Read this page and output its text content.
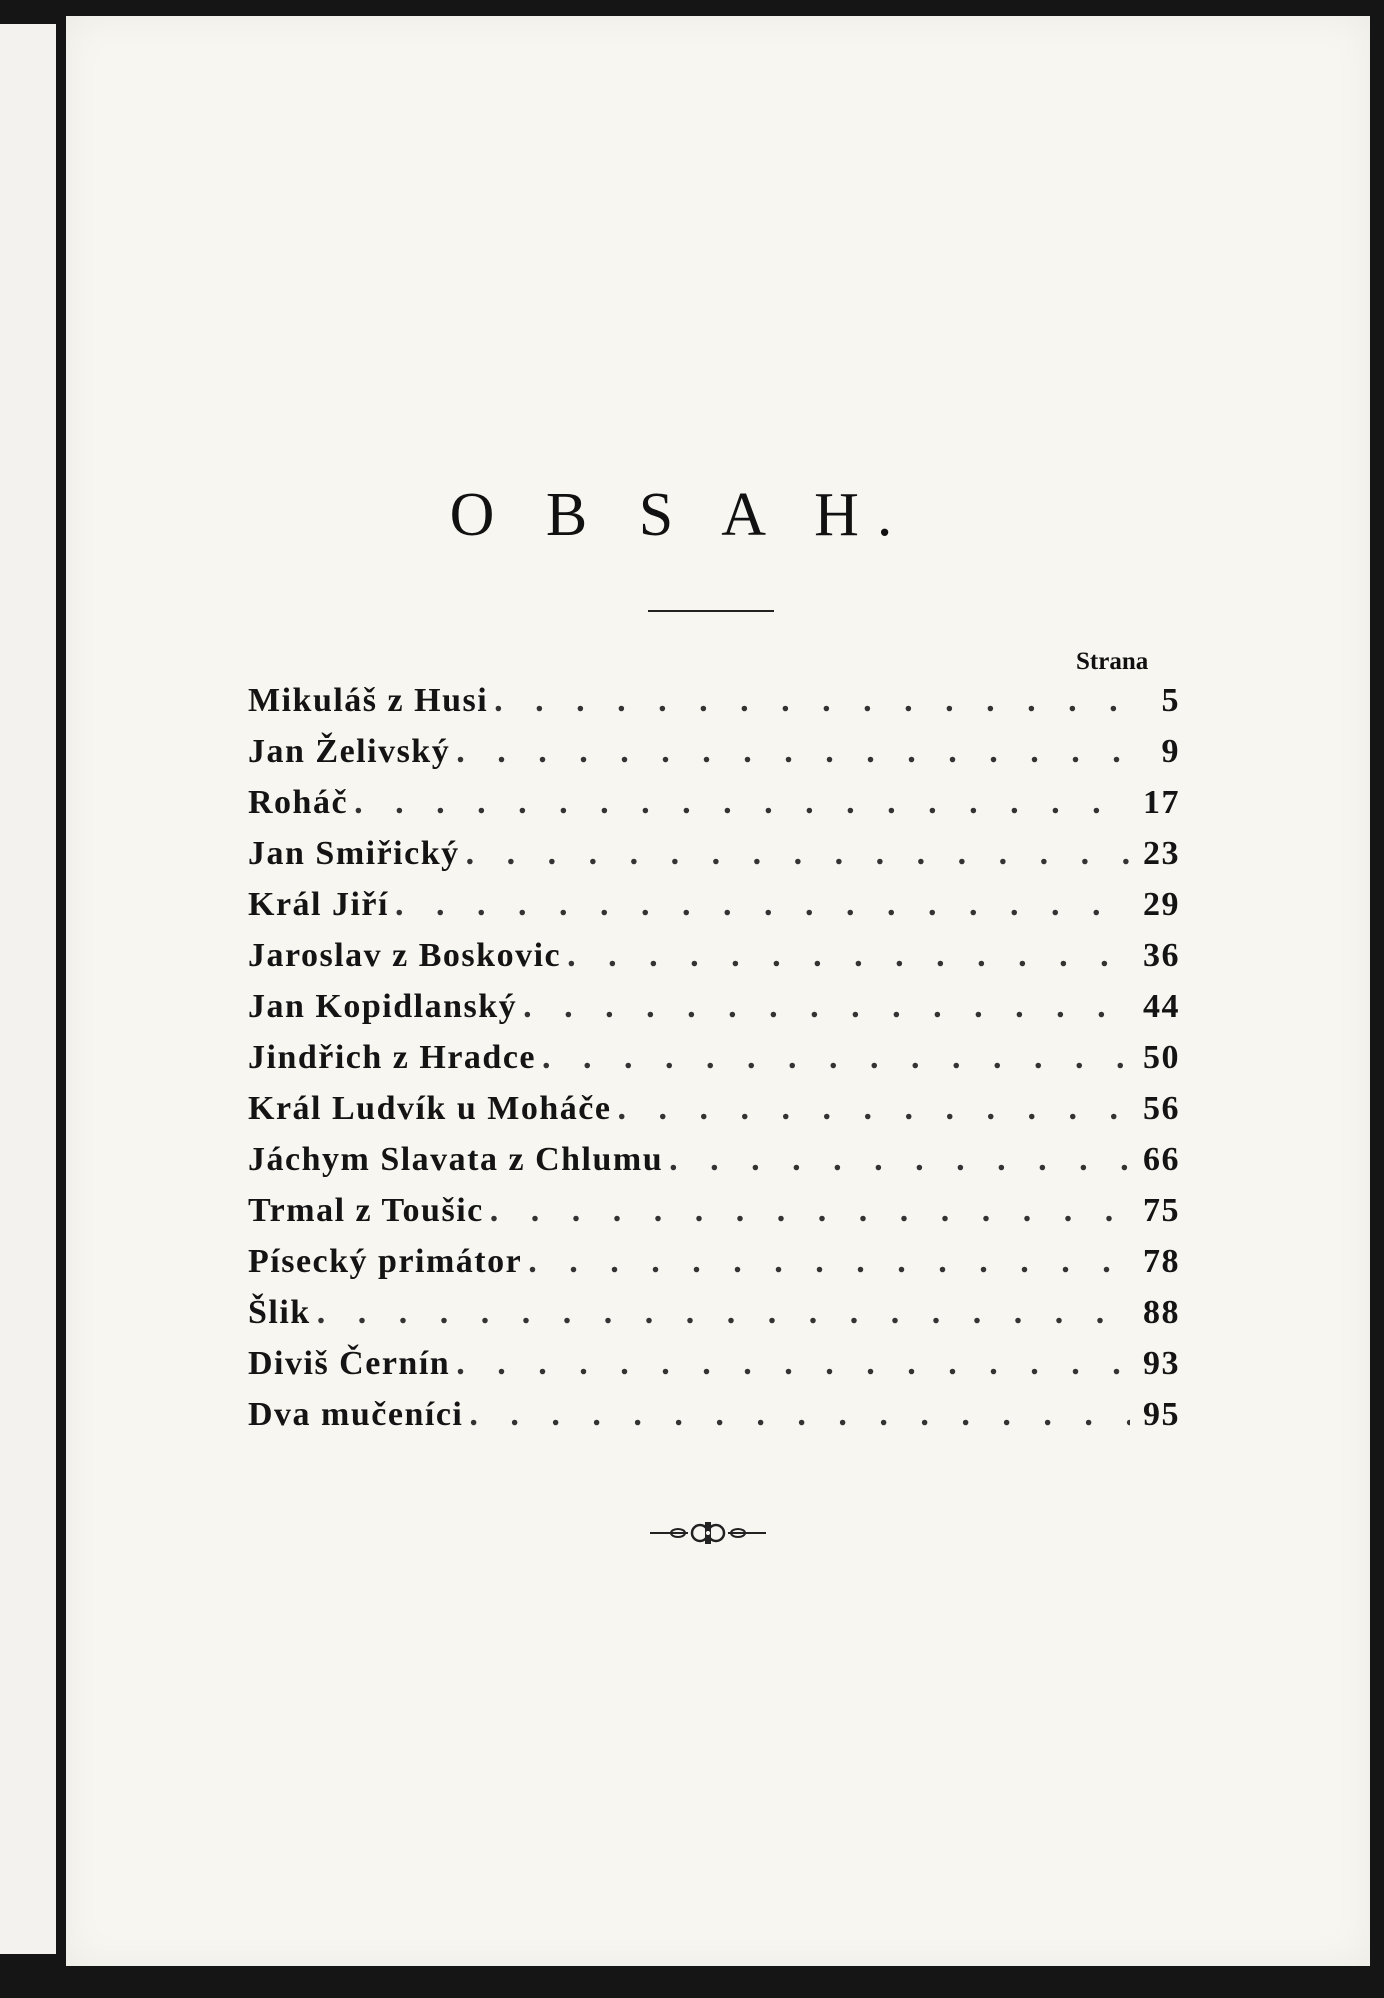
O B S A H.
Strana
Mikuláš z Husi . . .	5
Jan Želivský . . .	9
Roháč . . .	17
Jan Smiřický . . .	23
Král Jiří . . .	29
Jaroslav z Boskovic . . .	36
Jan Kopidlanský . . .	44
Jindřich z Hradce . . .	50
Král Ludvík u Moháče . . .	56
Jáchym Slavata z Chlumu . . .	66
Trmal z Toušic . . .	75
Písecký primátor . . .	78
Šlik . . .	88
Diviš Černín . . .	93
Dva mučeníci . . .	95
